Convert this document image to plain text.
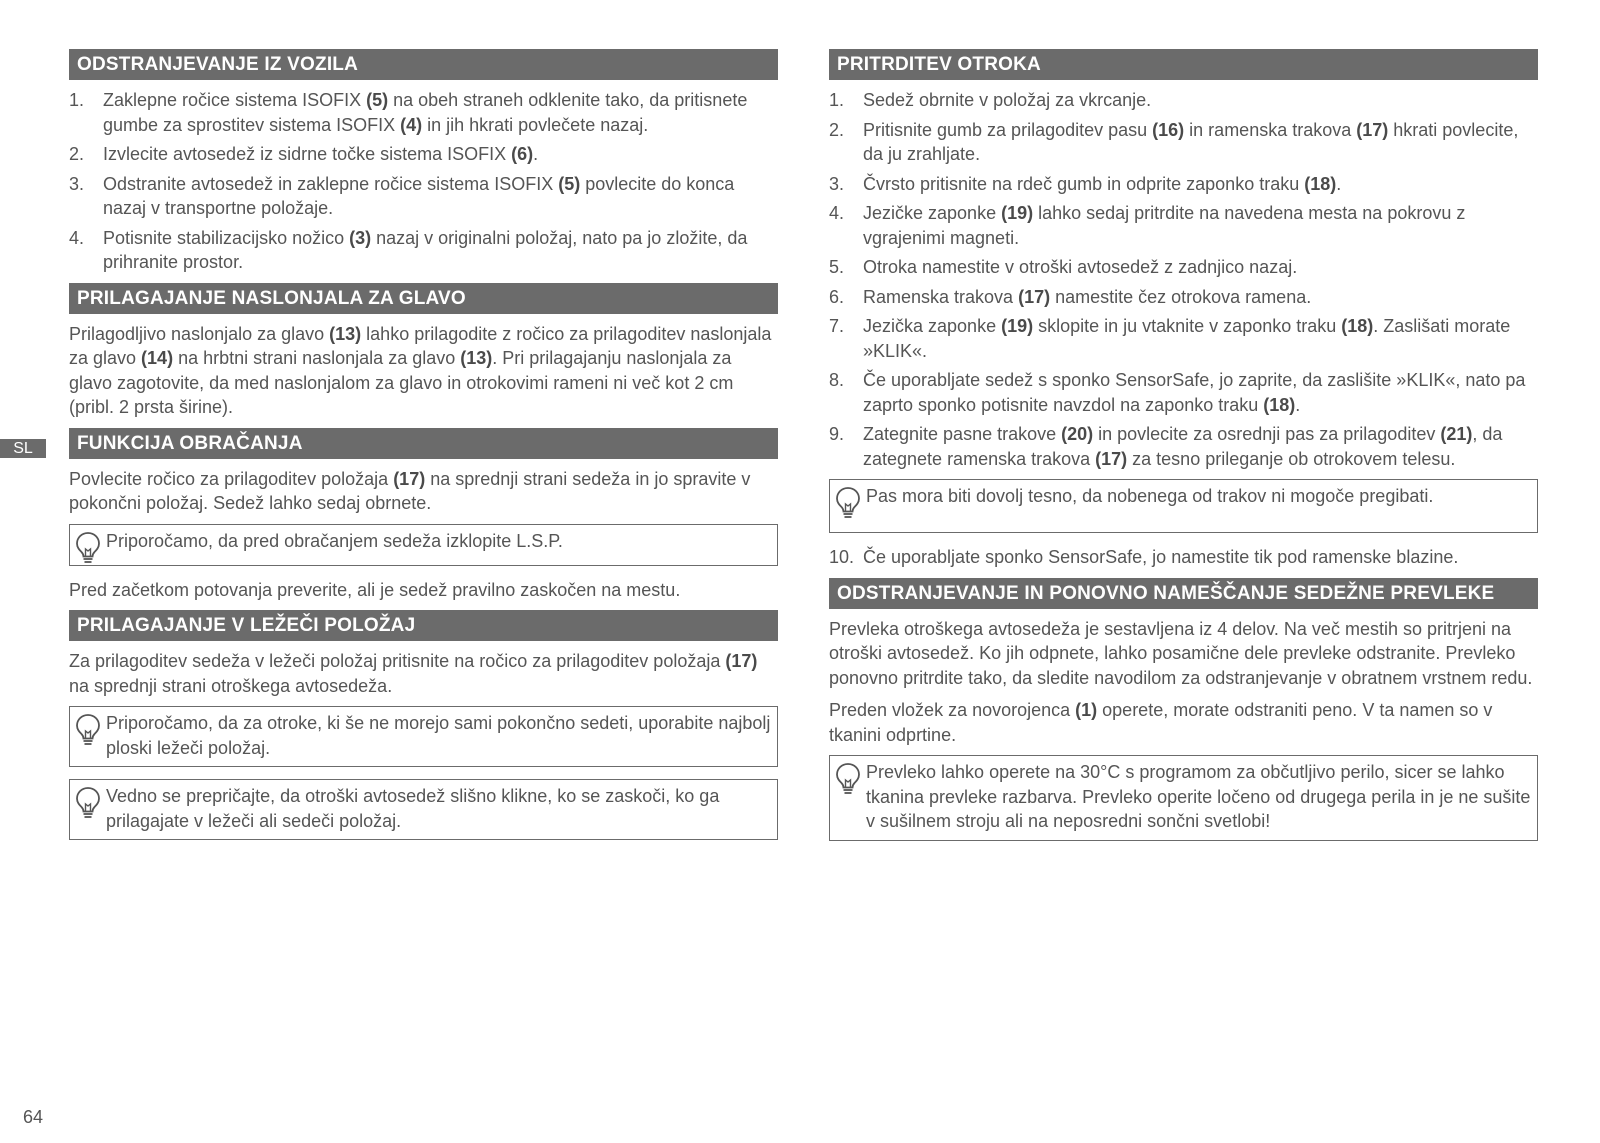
SL
64
ODSTRANJEVANJE IZ VOZILA
1.	Zaklepne ročice sistema ISOFIX (5) na obeh straneh odklenite tako, da pritisnete gumbe za sprostitev sistema ISOFIX (4) in jih hkrati povlečete nazaj.
2.	Izvlecite avtosedež iz sidrne točke sistema ISOFIX (6).
3.	Odstranite avtosedež in zaklepne ročice sistema ISOFIX (5) povlecite do konca nazaj v transportne položaje.
4.	Potisnite stabilizacijsko nožico (3) nazaj v originalni položaj, nato pa jo zložite, da prihranite prostor.
PRILAGAJANJE NASLONJALA ZA GLAVO

Prilagodljivo naslonjalo za glavo (13) lahko prilagodite z ročico za prilagoditev naslonjala za glavo (14) na hrbtni strani naslonjala za glavo (13). Pri prilagajanju naslonjala za glavo zagotovite, da med naslonjalom za glavo in otrokovimi rameni ni več kot 2 cm (pribl. 2 prsta širine).

FUNKCIJA OBRAČANJA

Povlecite ročico za prilagoditev položaja (17) na sprednji strani sedeža in jo spravite v pokončni položaj. Sedež lahko sedaj obrnete.

Priporočamo, da pred obračanjem sedeža izklopite L.S.P.

Pred začetkom potovanja preverite, ali je sedež pravilno zaskočen na mestu.

PRILAGAJANJE V LEŽEČI POLOŽAJ

Za prilagoditev sedeža v ležeči položaj pritisnite na ročico za prilagoditev položaja (17) na sprednji strani otroškega avtosedeža.

Priporočamo, da za otroke, ki še ne morejo sami pokončno sedeti, uporabite najbolj ploski ležeči položaj.
Vedno se prepričajte, da otroški avtosedež slišno klikne, ko se zaskoči, ko ga prilagajate v ležeči ali sedeči položaj.
PRITRDITEV OTROKA
1.	Sedež obrnite v položaj za vkrcanje.
2.	Pritisnite gumb za prilagoditev pasu (16) in ramenska trakova (17) hkrati povlecite, da ju zrahljate.
3.	Čvrsto pritisnite na rdeč gumb in odprite zaponko traku (18).
4.	Jezičke zaponke (19) lahko sedaj pritrdite na navedena mesta na pokrovu z vgrajenimi magneti.
5.	Otroka namestite v otroški avtosedež z zadnjico nazaj.
6.	Ramenska trakova (17) namestite čez otrokova ramena.
7.	Jezička zaponke (19) sklopite in ju vtaknite v zaponko traku (18). Zaslišati morate »KLIK«.
8.	Če uporabljate sedež s sponko SensorSafe, jo zaprite, da zaslišite »KLIK«, nato pa zaprto sponko potisnite navzdol na zaponko traku (18).
9.	Zategnite pasne trakove (20) in povlecite za osrednji pas za prilagoditev (21), da zategnete ramenska trakova (17) za tesno prileganje ob otrokovem telesu.
Pas mora biti dovolj tesno, da nobenega od trakov ni mogoče pregibati.
10. Če uporabljate sponko SensorSafe, jo namestite tik pod ramenske blazine.
ODSTRANJEVANJE IN PONOVNO NAMEŠČANJE SEDEŽNE PREVLEKE

Prevleka otroškega avtosedeža je sestavljena iz 4 delov. Na več mestih so pritrjeni na otroški avtosedež. Ko jih odpnete, lahko posamične dele prevleke odstranite. Prevleko ponovno pritrdite tako, da sledite navodilom za odstranjevanje v obratnem vrstnem redu.

Preden vložek za novorojenca (1) operete, morate odstraniti peno. V ta namen so v tkanini odprtine.

Prevleko lahko operete na 30°C s programom za občutljivo perilo, sicer se lahko tkanina prevleke razbarva. Prevleko operite ločeno od drugega perila in je ne sušite v sušilnem stroju ali na neposredni sončni svetlobi!
